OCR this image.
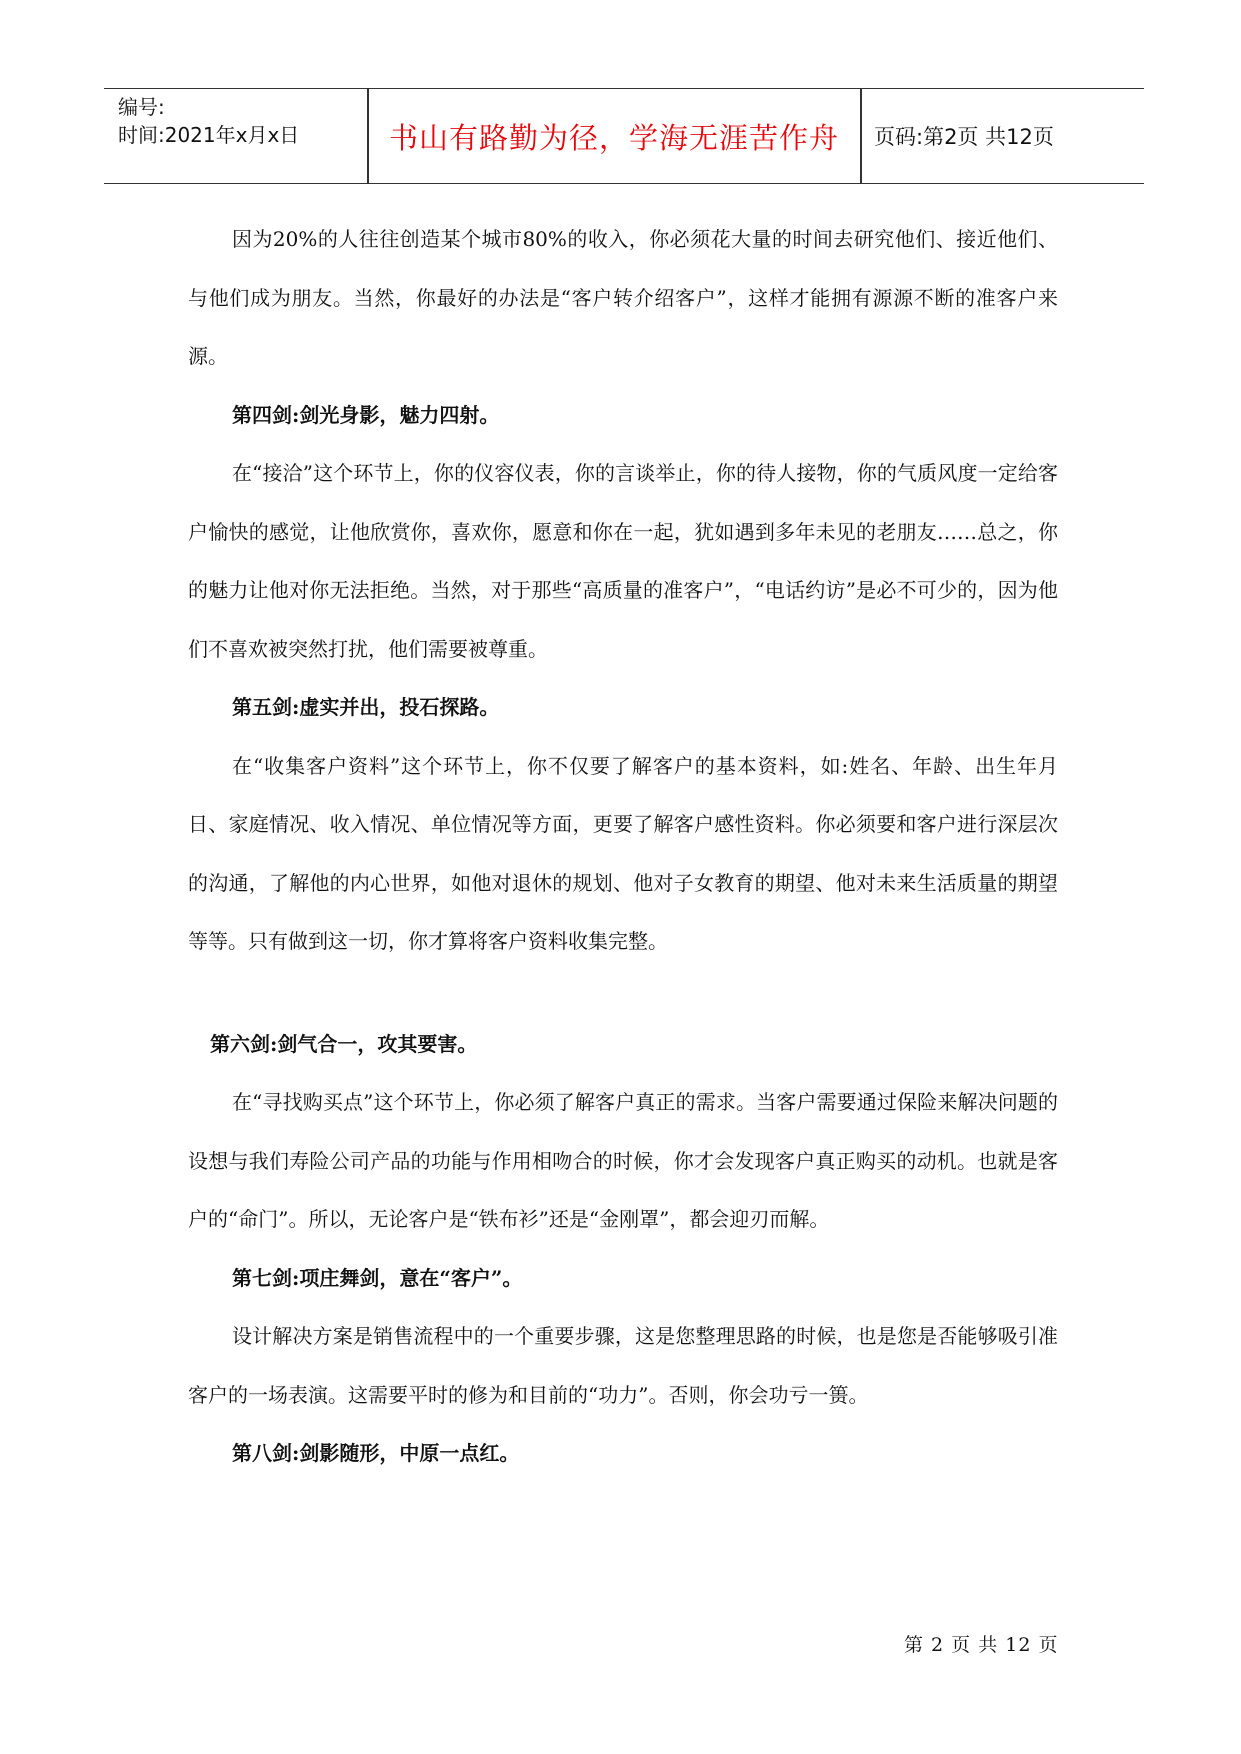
编号:
时间:2021年x月x日	书山有路勤为径，学海无涯苦作舟	页码:第2页 共12页

因为20%的人往往创造某个城市80%的收入，你必须花大量的时间去研究他们、接近他们、与他们成为朋友。当然，你最好的办法是“客户转介绍客户”，这样才能拥有源源不断的准客户来源。

第四剑:剑光身影，魅力四射。

在“接洽”这个环节上，你的仪容仪表，你的言谈举止，你的待人接物，你的气质风度一定给客户愉快的感觉，让他欣赏你，喜欢你，愿意和你在一起，犹如遇到多年未见的老朋友……总之，你的魅力让他对你无法拒绝。当然，对于那些“高质量的准客户”，“电话约访”是必不可少的，因为他们不喜欢被突然打扰，他们需要被尊重。

第五剑:虚实并出，投石探路。

在“收集客户资料”这个环节上，你不仅要了解客户的基本资料，如:姓名、年龄、出生年月日、家庭情况、收入情况、单位情况等方面，更要了解客户感性资料。你必须要和客户进行深层次的沟通，了解他的内心世界，如他对退休的规划、他对子女教育的期望、他对未来生活质量的期望等等。只有做到这一切，你才算将客户资料收集完整。

第六剑:剑气合一，攻其要害。

在“寻找购买点”这个环节上，你必须了解客户真正的需求。当客户需要通过保险来解决问题的设想与我们寿险公司产品的功能与作用相吻合的时候，你才会发现客户真正购买的动机。也就是客户的“命门”。所以，无论客户是“铁布衫”还是“金刚罩”，都会迎刃而解。

第七剑:项庄舞剑，意在“客户”。

设计解决方案是销售流程中的一个重要步骤，这是您整理思路的时候，也是您是否能够吸引准客户的一场表演。这需要平时的修为和目前的“功力”。否则，你会功亏一篑。

第八剑:剑影随形，中原一点红。

第 2 页 共 12 页
